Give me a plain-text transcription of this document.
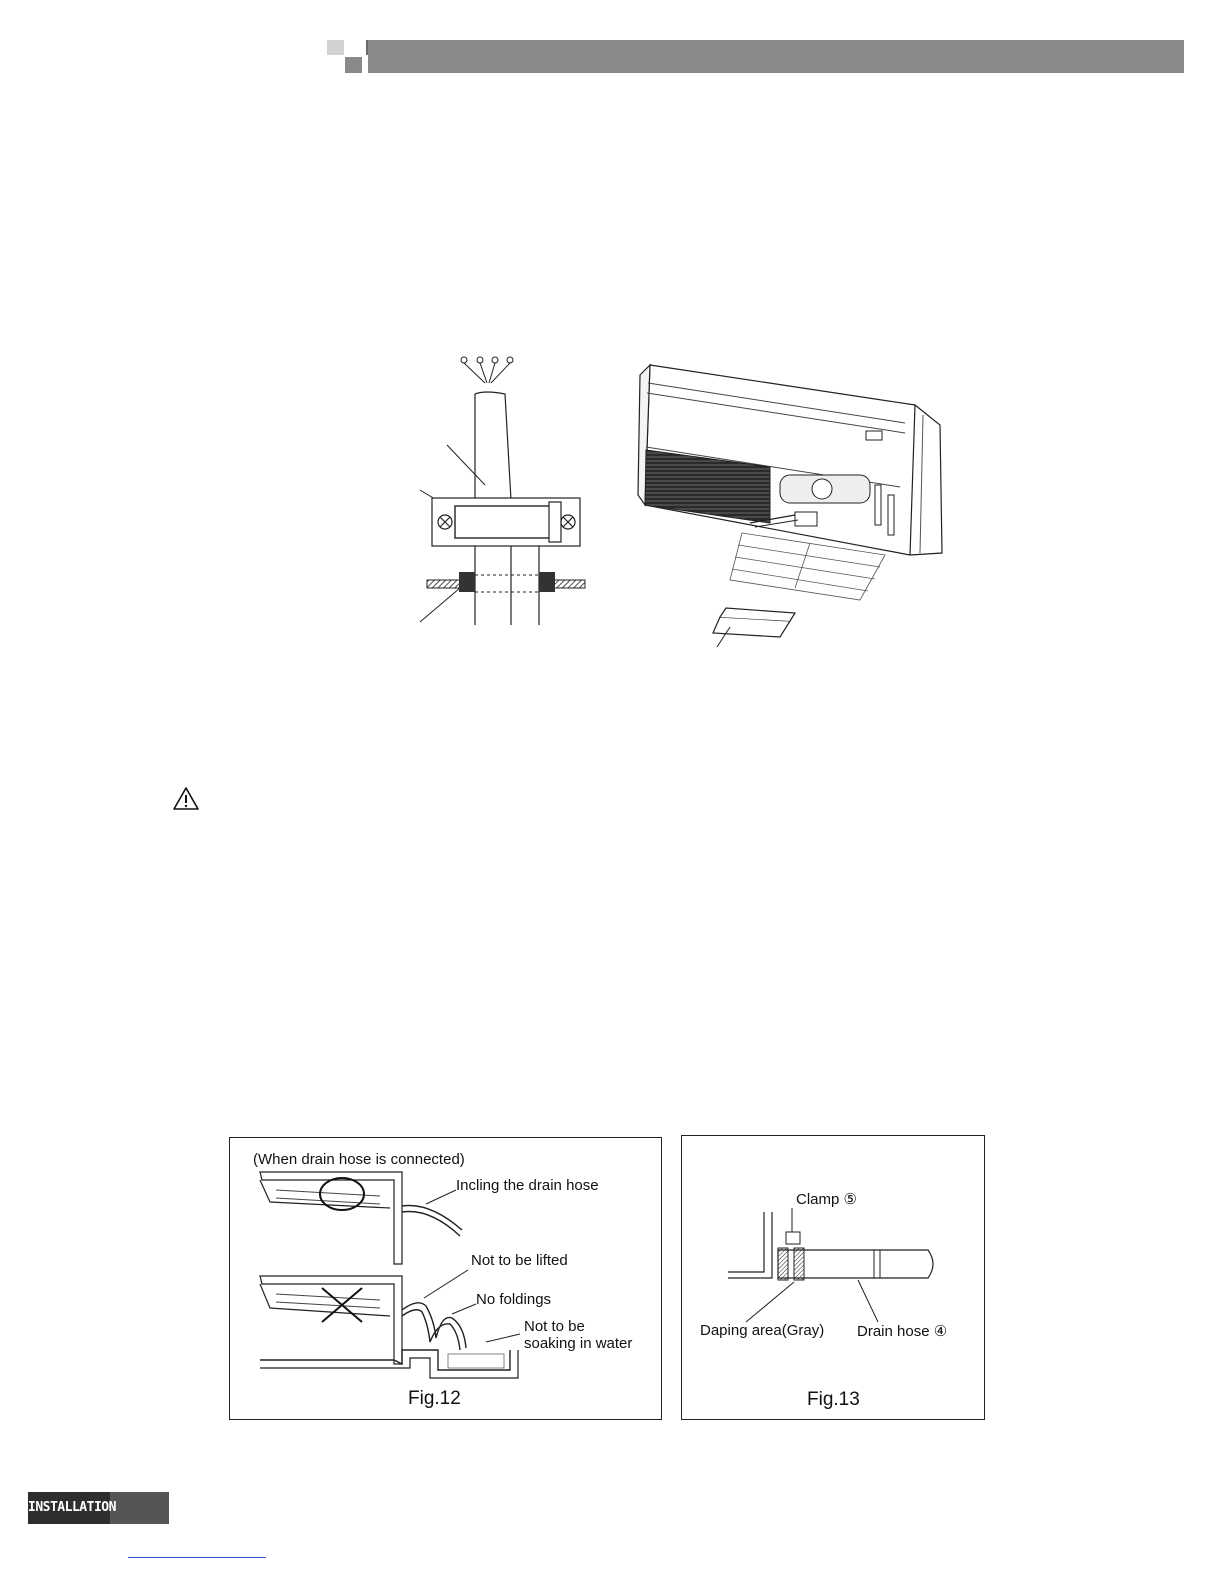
(When drain hose is connected)
Incling the drain hose
Not to be lifted
No foldings
Not to be
soaking in water
Fig.12
Clamp ⑤
Daping area(Gray) Drain hose ④
Fig.13
INSTALLATION
